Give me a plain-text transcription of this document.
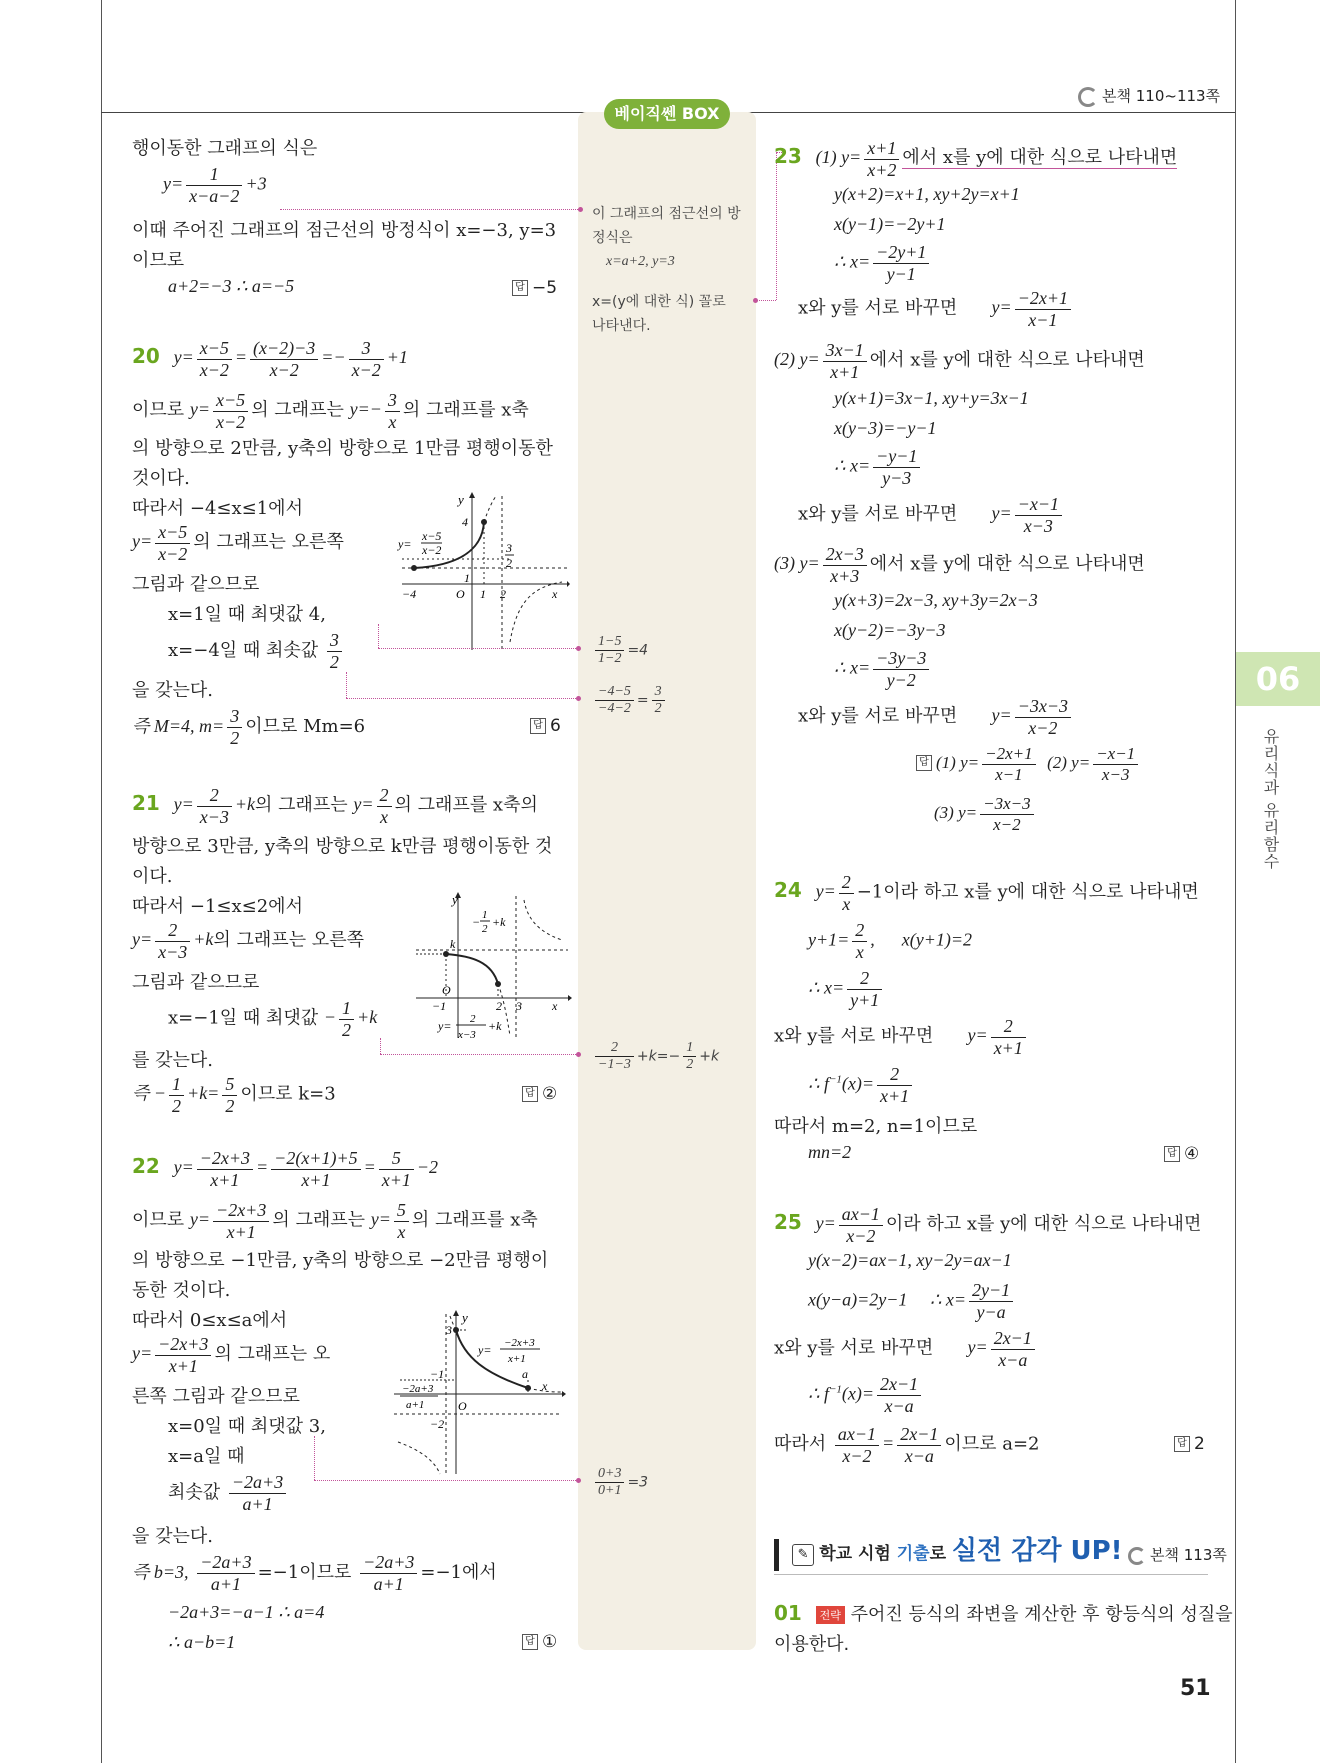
본책 110~113쪽
베이직쎈 BOX
06
유리식과 유리함수
행이동한 그래프의 식은
$y= \frac{1}{x-a-2} +3$
이때 주어진 그래프의 점근선의 방정식이 x=−3, y=3
이므로
a+2=−3 ∴ a=−5	답 −5
20 $y= \frac{x-5}{x-2} = \frac{(x-2)-3}{x-2} =- \frac{3}{x-2} +1$
이므로 $y= \frac{x-5}{x-2}$ 의 그래프는 $y=- \frac{3}{x}$ 의 그래프를 x축
의 방향으로 2만큼, y축의 방향으로 1만큼 평행이동한
것이다.
따라서 −4≤x≤1에서
$y= \frac{x-5}{x-2}$ 의 그래프는 오른쪽
그림과 같으므로
x=1일 때 최댓값 4,
x=−4일 때 최솟값 $\frac{3}{2}$
을 갖는다.
즉 M=4, $m= \frac{3}{2}$ 이므로 Mm=6	답 6
y
4
1
−4	O 1 2	x
3
2
y=
x−5
x−2
21 $y= \frac{2}{x-3} +k$의 그래프는 $y= \frac{2}{x}$ 의 그래프를 x축의
방향으로 3만큼, y축의 방향으로 k만큼 평행이동한 것
이다.
따라서 −1≤x≤2에서
$y= \frac{2}{x-3} +k$의 그래프는 오른쪽
그림과 같으므로
x=−1일 때 최댓값 − $\frac{1}{2} +k$
를 갖는다.
즉 − $\frac{1}{2} +k= \frac{5}{2}$ 이므로 k=3	답 ②
y
k
− 1
2 +k
O
−1	2 3	x
y= 2
x−3
+k
22 $y= \frac{-2x+3}{x+1} = \frac{-2(x+1)+5}{x+1} = \frac{5}{x+1} -2$
이므로 $y= \frac{-2x+3}{x+1}$ 의 그래프는 $y= \frac{5}{x}$ 의 그래프를 x축
의 방향으로 −1만큼, y축의 방향으로 −2만큼 평행이
동한 것이다.
따라서 0≤x≤a에서
$y= \frac{-2x+3}{x+1}$ 의 그래프는 오
른쪽 그림과 같으므로
x=0일 때 최댓값 3,
x=a일 때
최솟값 $\frac{-2a+3}{a+1}$
을 갖는다.
즉 b=3, $\frac{-2a+3}{a+1} =-1$이므로 $\frac{-2a+3}{a+1} =-1$에서
−2a+3=−a−1 ∴ a=4
∴ a−b=1	답 ①
y
3
−1	a
x
O
−2a+3
a+1
−2
y= −2x+3
x+1
이 그래프의 점근선의 방
정식은
x=a+2, y=3
x=(y에 대한 식) 꼴로
나타낸다.
$\frac{1-5}{1-2} =4$
$\frac{-4-5}{-4-2} = \frac{3}{2}$
$\frac{2}{-1-3} +k=- \frac{1}{2} +k$
$\frac{0+3}{0+1} =3$
23 (1) $y= \frac{x+1}{x+2}$ 에서 x를 y에 대한 식으로 나타내면
y(x+2)=x+1, xy+2y=x+1
x(y−1)=−2y+1
∴ $x= \frac{-2y+1}{y-1}$
x와 y를 서로 바꾸면 $y= \frac{-2x+1}{x-1}$
(2) $y= \frac{3x-1}{x+1}$ 에서 x를 y에 대한 식으로 나타내면
y(x+1)=3x−1, xy+y=3x−1
x(y−3)=−y−1
∴ $x= \frac{-y-1}{y-3}$
x와 y를 서로 바꾸면 $y= \frac{-x-1}{x-3}$
(3) $y= \frac{2x-3}{x+3}$ 에서 x를 y에 대한 식으로 나타내면
y(x+3)=2x−3, xy+3y=2x−3
x(y−2)=−3y−3
∴ $x= \frac{-3y-3}{y-2}$
x와 y를 서로 바꾸면 $y= \frac{-3x-3}{x-2}$
답 (1) $y= \frac{-2x+1}{x-1} (2)$ $y= \frac{-x-1}{x-3}$
(3) $y= \frac{-3x-3}{x-2}$
24 $y= \frac{2}{x} -1$이라 하고 x를 y에 대한 식으로 나타내면
$y+1= \frac{2}{x}$ ,      x(y+1)=2
∴ $x= \frac{2}{y+1}$
x와 y를 서로 바꾸면 $y= \frac{2}{x+1}$
∴ $f^{-1}(x)= \frac{2}{x+1}$
따라서 m=2, n=1이므로
mn=2	답 ④
25 $y= \frac{ax-1}{x-2}$ 이라 하고 x를 y에 대한 식으로 나타내면
y(x−2)=ax−1, xy−2y=ax−1
x(y−a)=2y−1     ∴ $x= \frac{2y-1}{y-a}$
x와 y를 서로 바꾸면 $y= \frac{2x-1}{x-a}$
∴ $f^{-1}(x)= \frac{2x-1}{x-a}$
따라서 $\frac{ax-1}{x-2} = \frac{2x-1}{x-a}$ 이므로 a=2	답 2
✎ 학교 시험 기출로 실전 감각 UP!	본책 113쪽
01 전략 주어진 등식의 좌변을 계산한 후 항등식의 성질을
이용한다.
51
